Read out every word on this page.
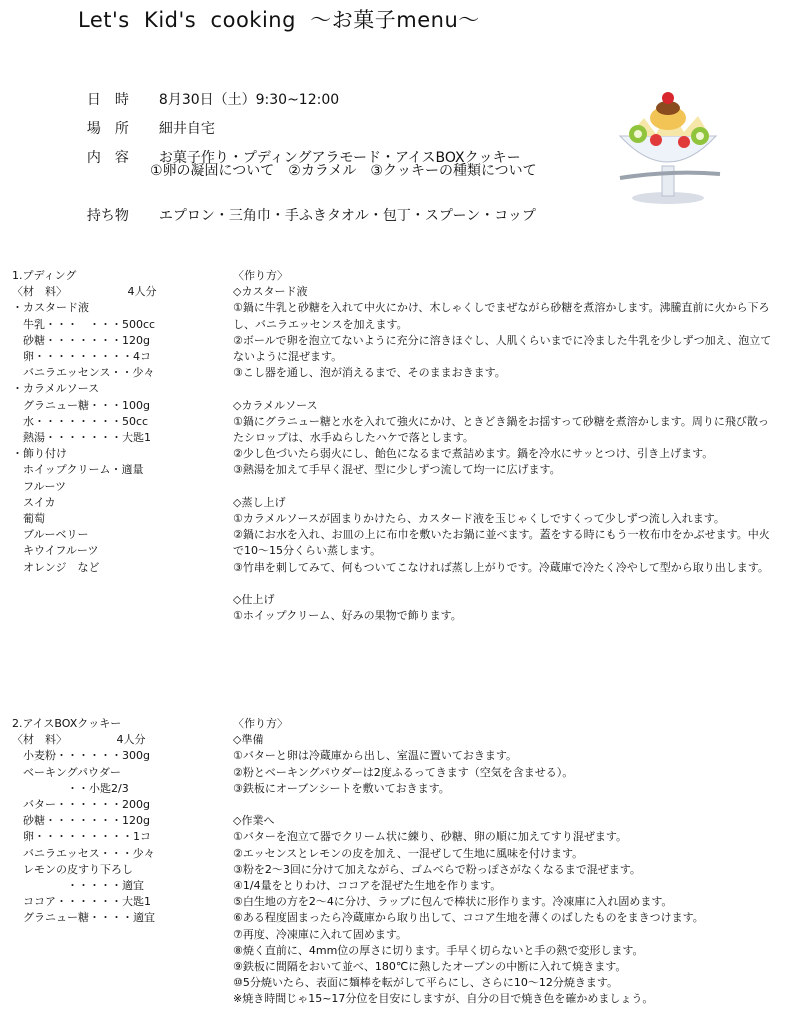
Let's  Kid's  cooking  ～お菓子menu～

日　時 8月30日（土）9:30~12:00

場　所 細井自宅

内　容 お菓子作り・プディングアラモード・アイスBOXクッキー

①卵の凝固について　②カラメル　③クッキーの種類について

持ち物 エプロン・三角巾・手ふきタオル・包丁・スプーン・コップ

1.プディング
〈材　料〉　　　　　　4人分
・カスタード液
　牛乳・・・　・・・500cc
　砂糖・・・・・・・120g
　卵・・・・・・・・・4コ
　バニラエッセンス・・少々
・カラメルソース
　グラニュー糖・・・100g
　水・・・・・・・・50cc
　熱湯・・・・・・・大匙1
・飾り付け
　ホイップクリーム・適量
　フルーツ
　スイカ
　葡萄
　ブルーベリー
　キウイフルーツ
　オレンジ　など
〈作り方〉
◇カスタード液
①鍋に牛乳と砂糖を入れて中火にかけ、木しゃくしでまぜながら砂糖を煮溶かします。沸騰直前に火から下ろし、バニラエッセンスを加えます。
②ボールで卵を泡立てないように充分に溶きほぐし、人肌くらいまでに冷ました牛乳を少しずつ加え、泡立てないように混ぜます。
③こし器を通し、泡が消えるまで、そのままおきます。
◇カラメルソース
①鍋にグラニュー糖と水を入れて強火にかけ、ときどき鍋をお揺すって砂糖を煮溶かします。周りに飛び散ったシロップは、水手ぬらしたハケで落とします。
②少し色づいたら弱火にし、飴色になるまで煮詰めます。鍋を冷水にサッとつけ、引き上げます。
③熱湯を加えて手早く混ぜ、型に少しずつ流して均一に広げます。
◇蒸し上げ
①カラメルソースが固まりかけたら、カスタード液を玉じゃくしですくって少しずつ流し入れます。
②鍋にお水を入れ、お皿の上に布巾を敷いたお鍋に並べます。蓋をする時にもう一枚布巾をかぶせます。中火で10～15分くらい蒸します。
③竹串を刺してみて、何もついてこなければ蒸し上がりです。冷蔵庫で冷たく冷やして型から取り出します。
◇仕上げ
①ホイップクリーム、好みの果物で飾ります。
2.アイスBOXクッキー
〈材　料〉　　　　　4人分
　小麦粉・・・・・・300g
　ベーキングパウダー
　　　　　・・小匙2/3
　バター・・・・・・200g
　砂糖・・・・・・・120g
　卵・・・・・・・・・1コ
　バニラエッセス・・・少々
　レモンの皮すり下ろし
　　　　　・・・・・適宜
　ココア・・・・・・大匙1
　グラニュー糖・・・・適宜
〈作り方〉
◇準備
①バターと卵は冷蔵庫から出し、室温に置いておきます。
②粉とベーキングパウダーは2度ふるってきます（空気を含ませる）。
③鉄板にオーブンシートを敷いておきます。
◇作業へ
①バターを泡立て器でクリーム状に練り、砂糖、卵の順に加えてすり混ぜます。
②エッセンスとレモンの皮を加え、一混ぜして生地に風味を付けます。
③粉を2～3回に分けて加えながら、ゴムべらで粉っぽさがなくなるまで混ぜます。
④1/4量をとりわけ、ココアを混ぜた生地を作ります。
⑤白生地の方を2～4に分け、ラップに包んで棒状に形作ります。冷凍庫に入れ固めます。
⑥ある程度固まったら冷蔵庫から取り出して、ココア生地を薄くのばしたものをまきつけます。
⑦再度、冷凍庫に入れて固めます。
⑧焼く直前に、4mm位の厚さに切ります。手早く切らないと手の熱で変形します。
⑨鉄板に間隔をおいて並べ、180℃に熱したオーブンの中断に入れて焼きます。
⑩5分焼いたら、表面に麺棒を転がして平らにし、さらに10～12分焼きます。
※焼き時間じゃ15~17分位を目安にしますが、自分の目で焼き色を確かめましょう。
